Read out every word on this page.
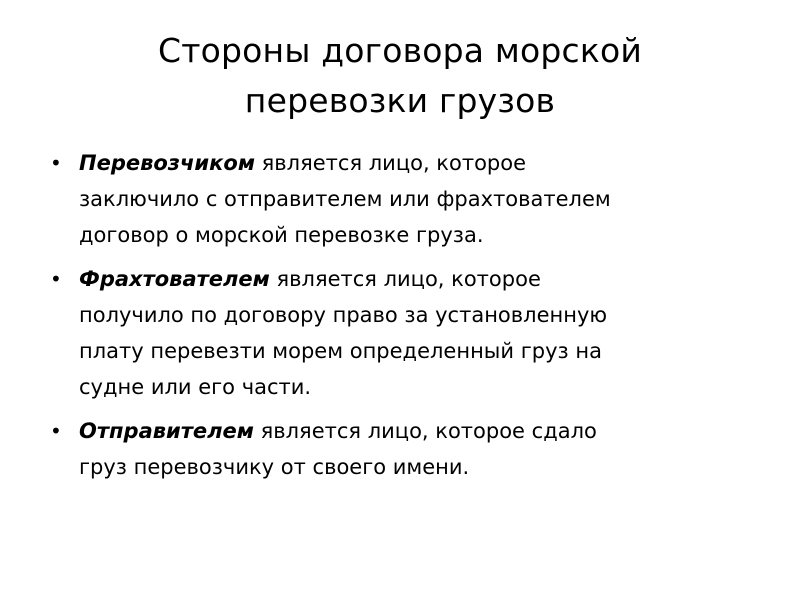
Стороны договора морской
перевозки грузов
• Перевозчиком является лицо, которое
заключило с отправителем или фрахтователем
договор о морской перевозке груза.
• Фрахтователем является лицо, которое
получило по договору право за установленную
плату перевезти морем определенный груз на
судне или его части.
• Отправителем является лицо, которое сдало
груз перевозчику от своего имени.
